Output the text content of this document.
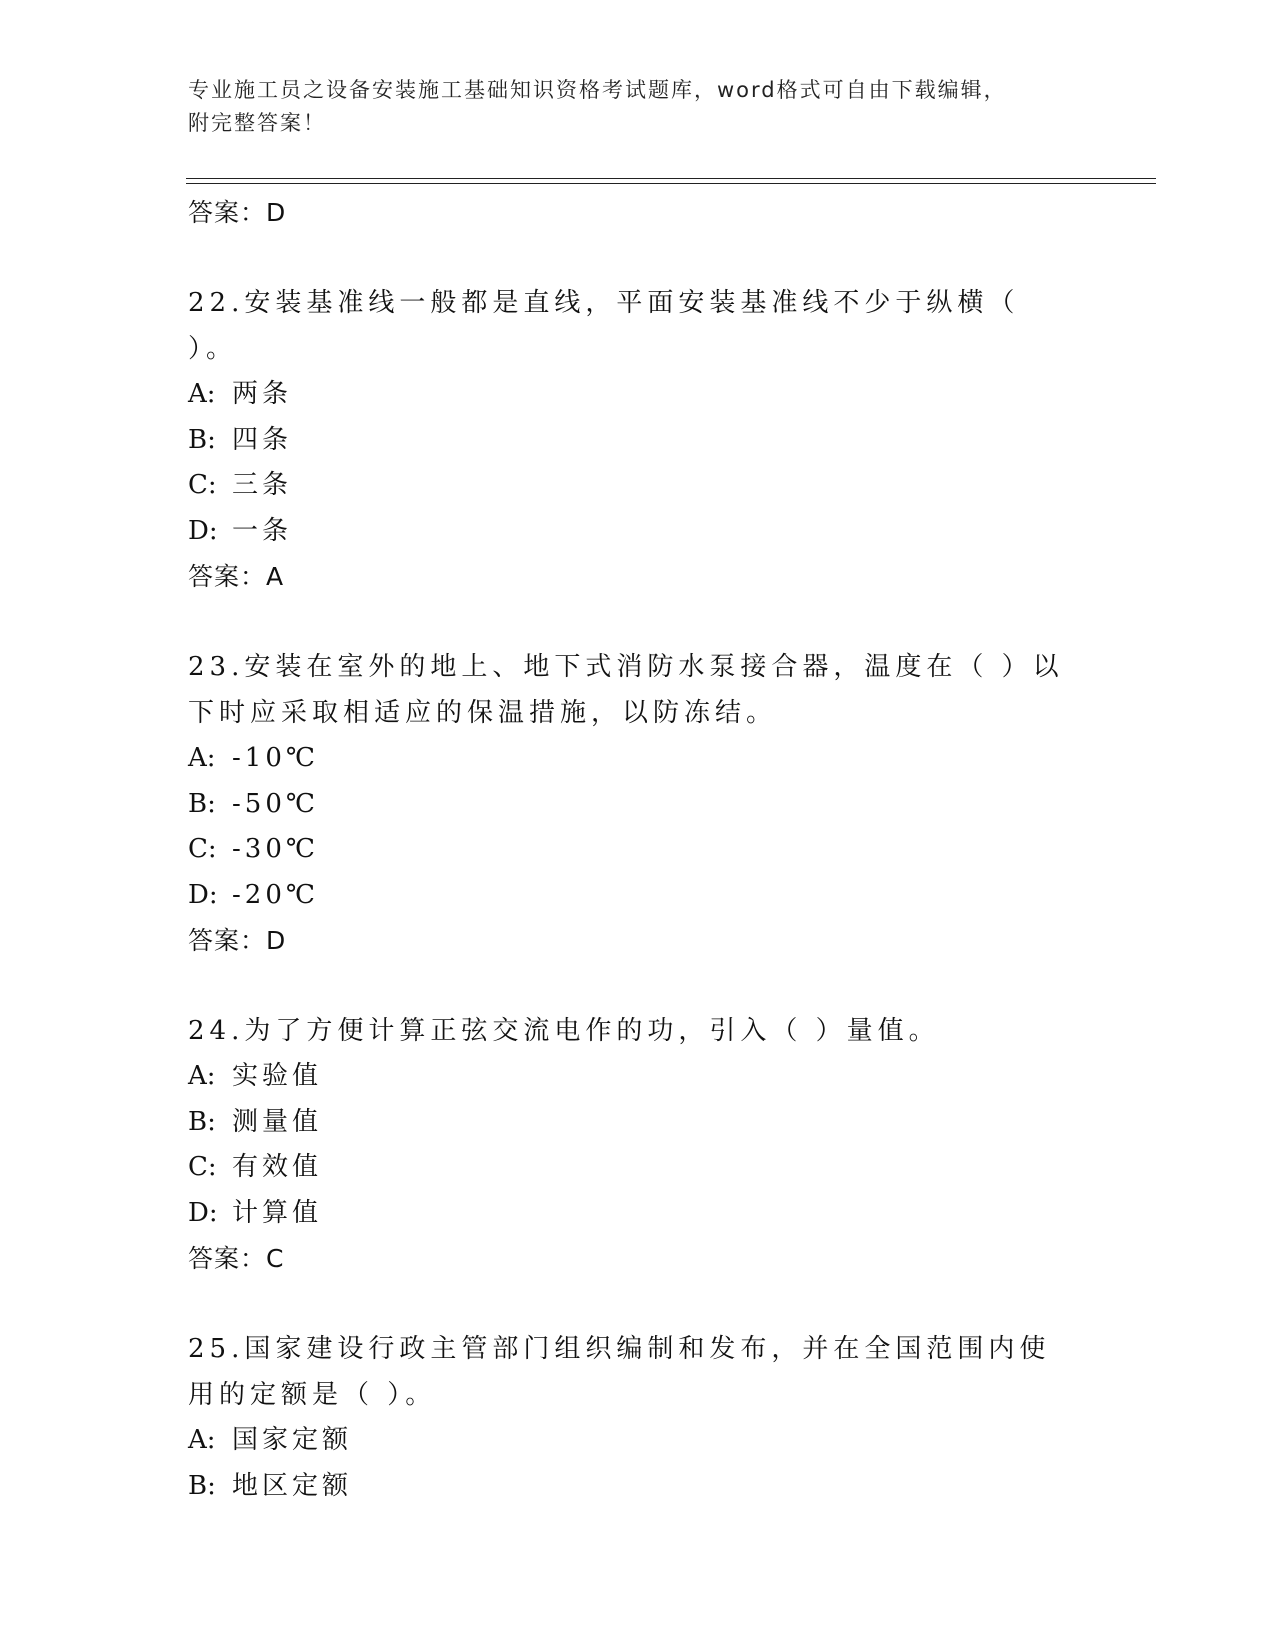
专业施工员之设备安装施工基础知识资格考试题库，word格式可自由下载编辑，
附完整答案！
答案：D
22.安装基准线一般都是直线，平面安装基准线不少于纵横（ ）。
A: 两条
B: 四条
C: 三条
D: 一条
答案：A
23.安装在室外的地上、地下式消防水泵接合器，温度在（ ）以下时应采取相适应的保温措施，以防冻结。
A: -10℃
B: -50℃
C: -30℃
D: -20℃
答案：D
24.为了方便计算正弦交流电作的功，引入（ ）量值。
A: 实验值
B: 测量值
C: 有效值
D: 计算值
答案：C
25.国家建设行政主管部门组织编制和发布，并在全国范围内使用的定额是（ ）。
A: 国家定额
B: 地区定额
